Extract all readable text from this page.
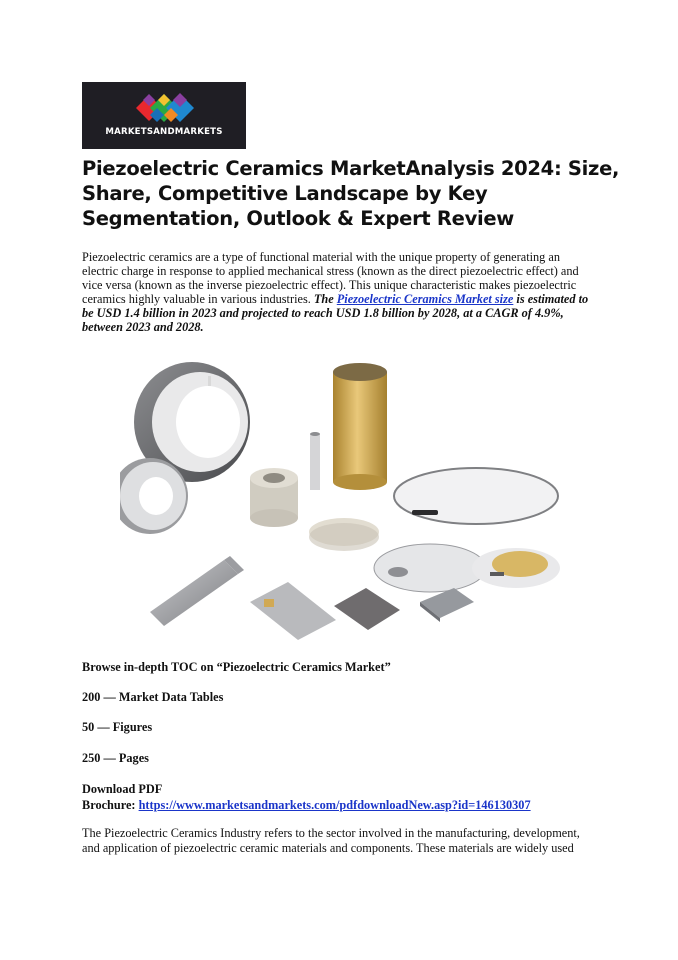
MARKETSANDMARKETS
Piezoelectric Ceramics MarketAnalysis 2024: Size, Share, Competitive Landscape by Key Segmentation, Outlook & Expert Review

Piezoelectric ceramics are a type of functional material with the unique property of generating an electric charge in response to applied mechanical stress (known as the direct piezoelectric effect) and vice versa (known as the inverse piezoelectric effect). This unique characteristic makes piezoelectric ceramics highly valuable in various industries. The Piezoelectric Ceramics Market size is estimated to be USD 1.4 billion in 2023 and projected to reach USD 1.8 billion by 2028, at a CAGR of 4.9%, between 2023 and 2028.

Browse in-depth TOC on “Piezoelectric Ceramics Market”

200 — Market Data Tables

50 — Figures

250 — Pages

Download PDF
Brochure: https://www.marketsandmarkets.com/pdfdownloadNew.asp?id=146130307

The Piezoelectric Ceramics Industry refers to the sector involved in the manufacturing, development, and application of piezoelectric ceramic materials and components. These materials are widely used
